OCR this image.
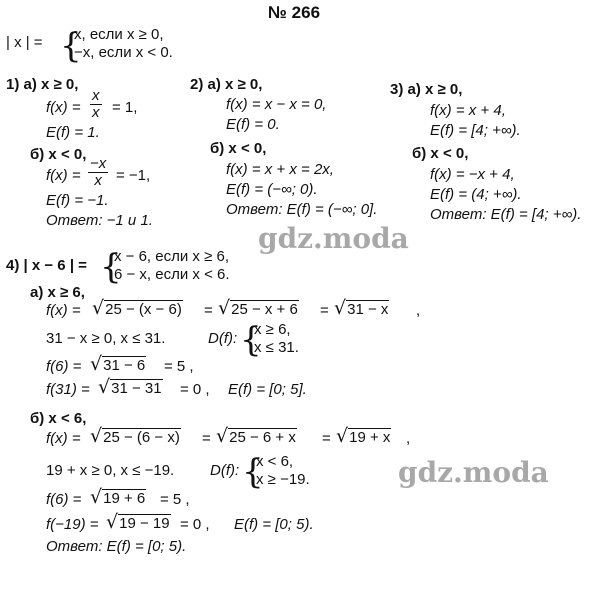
№ 266
| x | = {
x, если x ≥ 0,
−x, если x < 0.
1) a) x ≥ 0,
$f(x) = \frac{x}{x} = 1$,
E(f) = 1.
б) x < 0,
$f(x) = \frac{-x}{x} = -1$,
E(f) = −1.
Ответ: −1 и 1.
2) a) x ≥ 0,
f(x) = x − x = 0,
E(f) = 0.
б) x < 0,
f(x) = x + x = 2x,
E(f) = (−∞; 0).
Ответ: E(f) = (−∞; 0].
3) a) x ≥ 0,
f(x) = x + 4,
E(f) = [4; +∞).
б) x < 0,
f(x) = −x + 4,
E(f) = (4; +∞).
Ответ: E(f) = [4; +∞).
gdz.moda
4) | x − 6 | = {
x − 6, если x ≥ 6,
6 − x, если x < 6.
a) x ≥ 6,
f(x) = √25 − (x − 6) = √25 − x + 6 = √31 − x ,
31 − x ≥ 0, x ≤ 31.	D(f): {
x ≥ 6,
x ≤ 31.
f(6) = √31 − 6 = 5 ,
f(31) = √31 − 31 = 0 , E(f) = [0; 5].
б) x < 6,
f(x) = √25 − (6 − x) = √25 − 6 + x = √19 + x ,
19 + x ≥ 0, x ≤ −19. D(f): {
x < 6,
x ≥ −19.
f(6) = √19 + 6 = 5 ,
f(−19) = √19 − 19 = 0 , E(f) = [0; 5).
Ответ: E(f) = [0; 5).
gdz.moda
